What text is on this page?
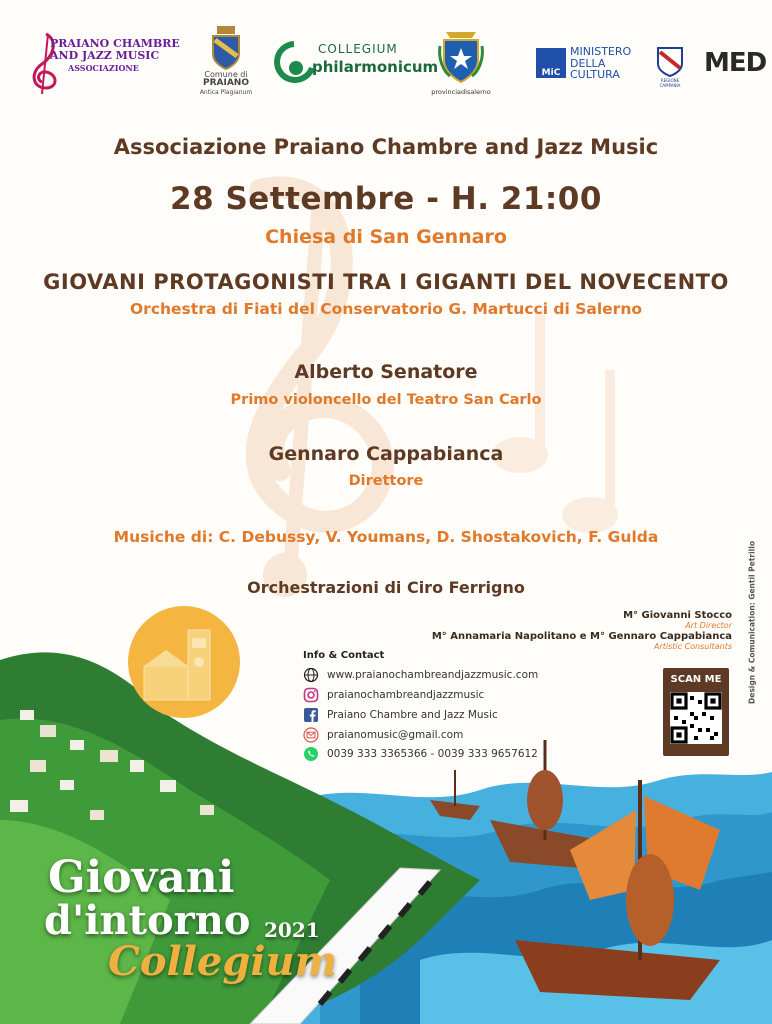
PRAIANO CHAMBRE
AND JAZZ MUSIC
ASSOCIAZIONE
Comune di
PRAIANO
Antica Plagianum
COLLEGIUM
philarmonicum
provinciadisalerno
MiC
MINISTERO
DELLA
CULTURA	REGIONE CAMPANIA
MED
Associazione Praiano Chambre and Jazz Music
28 Settembre - H. 21:00
Chiesa di San Gennaro
GIOVANI PROTAGONISTI TRA I GIGANTI DEL NOVECENTO
Orchestra di Fiati del Conservatorio G. Martucci di Salerno
Alberto Senatore
Primo violoncello del Teatro San Carlo
Gennaro Cappabianca
Direttore
Musiche di: C. Debussy, V. Youmans, D. Shostakovich, F. Gulda
Orchestrazioni di Ciro Ferrigno
M° Giovanni Stocco
Art Director
M° Annamaria Napolitano e M° Gennaro Cappabianca
Artistic Consultants Design & Comunication: Gentil Petrillo
Info & Contact
www.praianochambreandjazzmusic.com
praianochambreandjazzmusic
Praiano Chambre and Jazz Music
praianomusic@gmail.com
0039 333 3365366 - 0039 333 9657612
SCAN ME
Giovani
d'intorno 2021
Collegium
